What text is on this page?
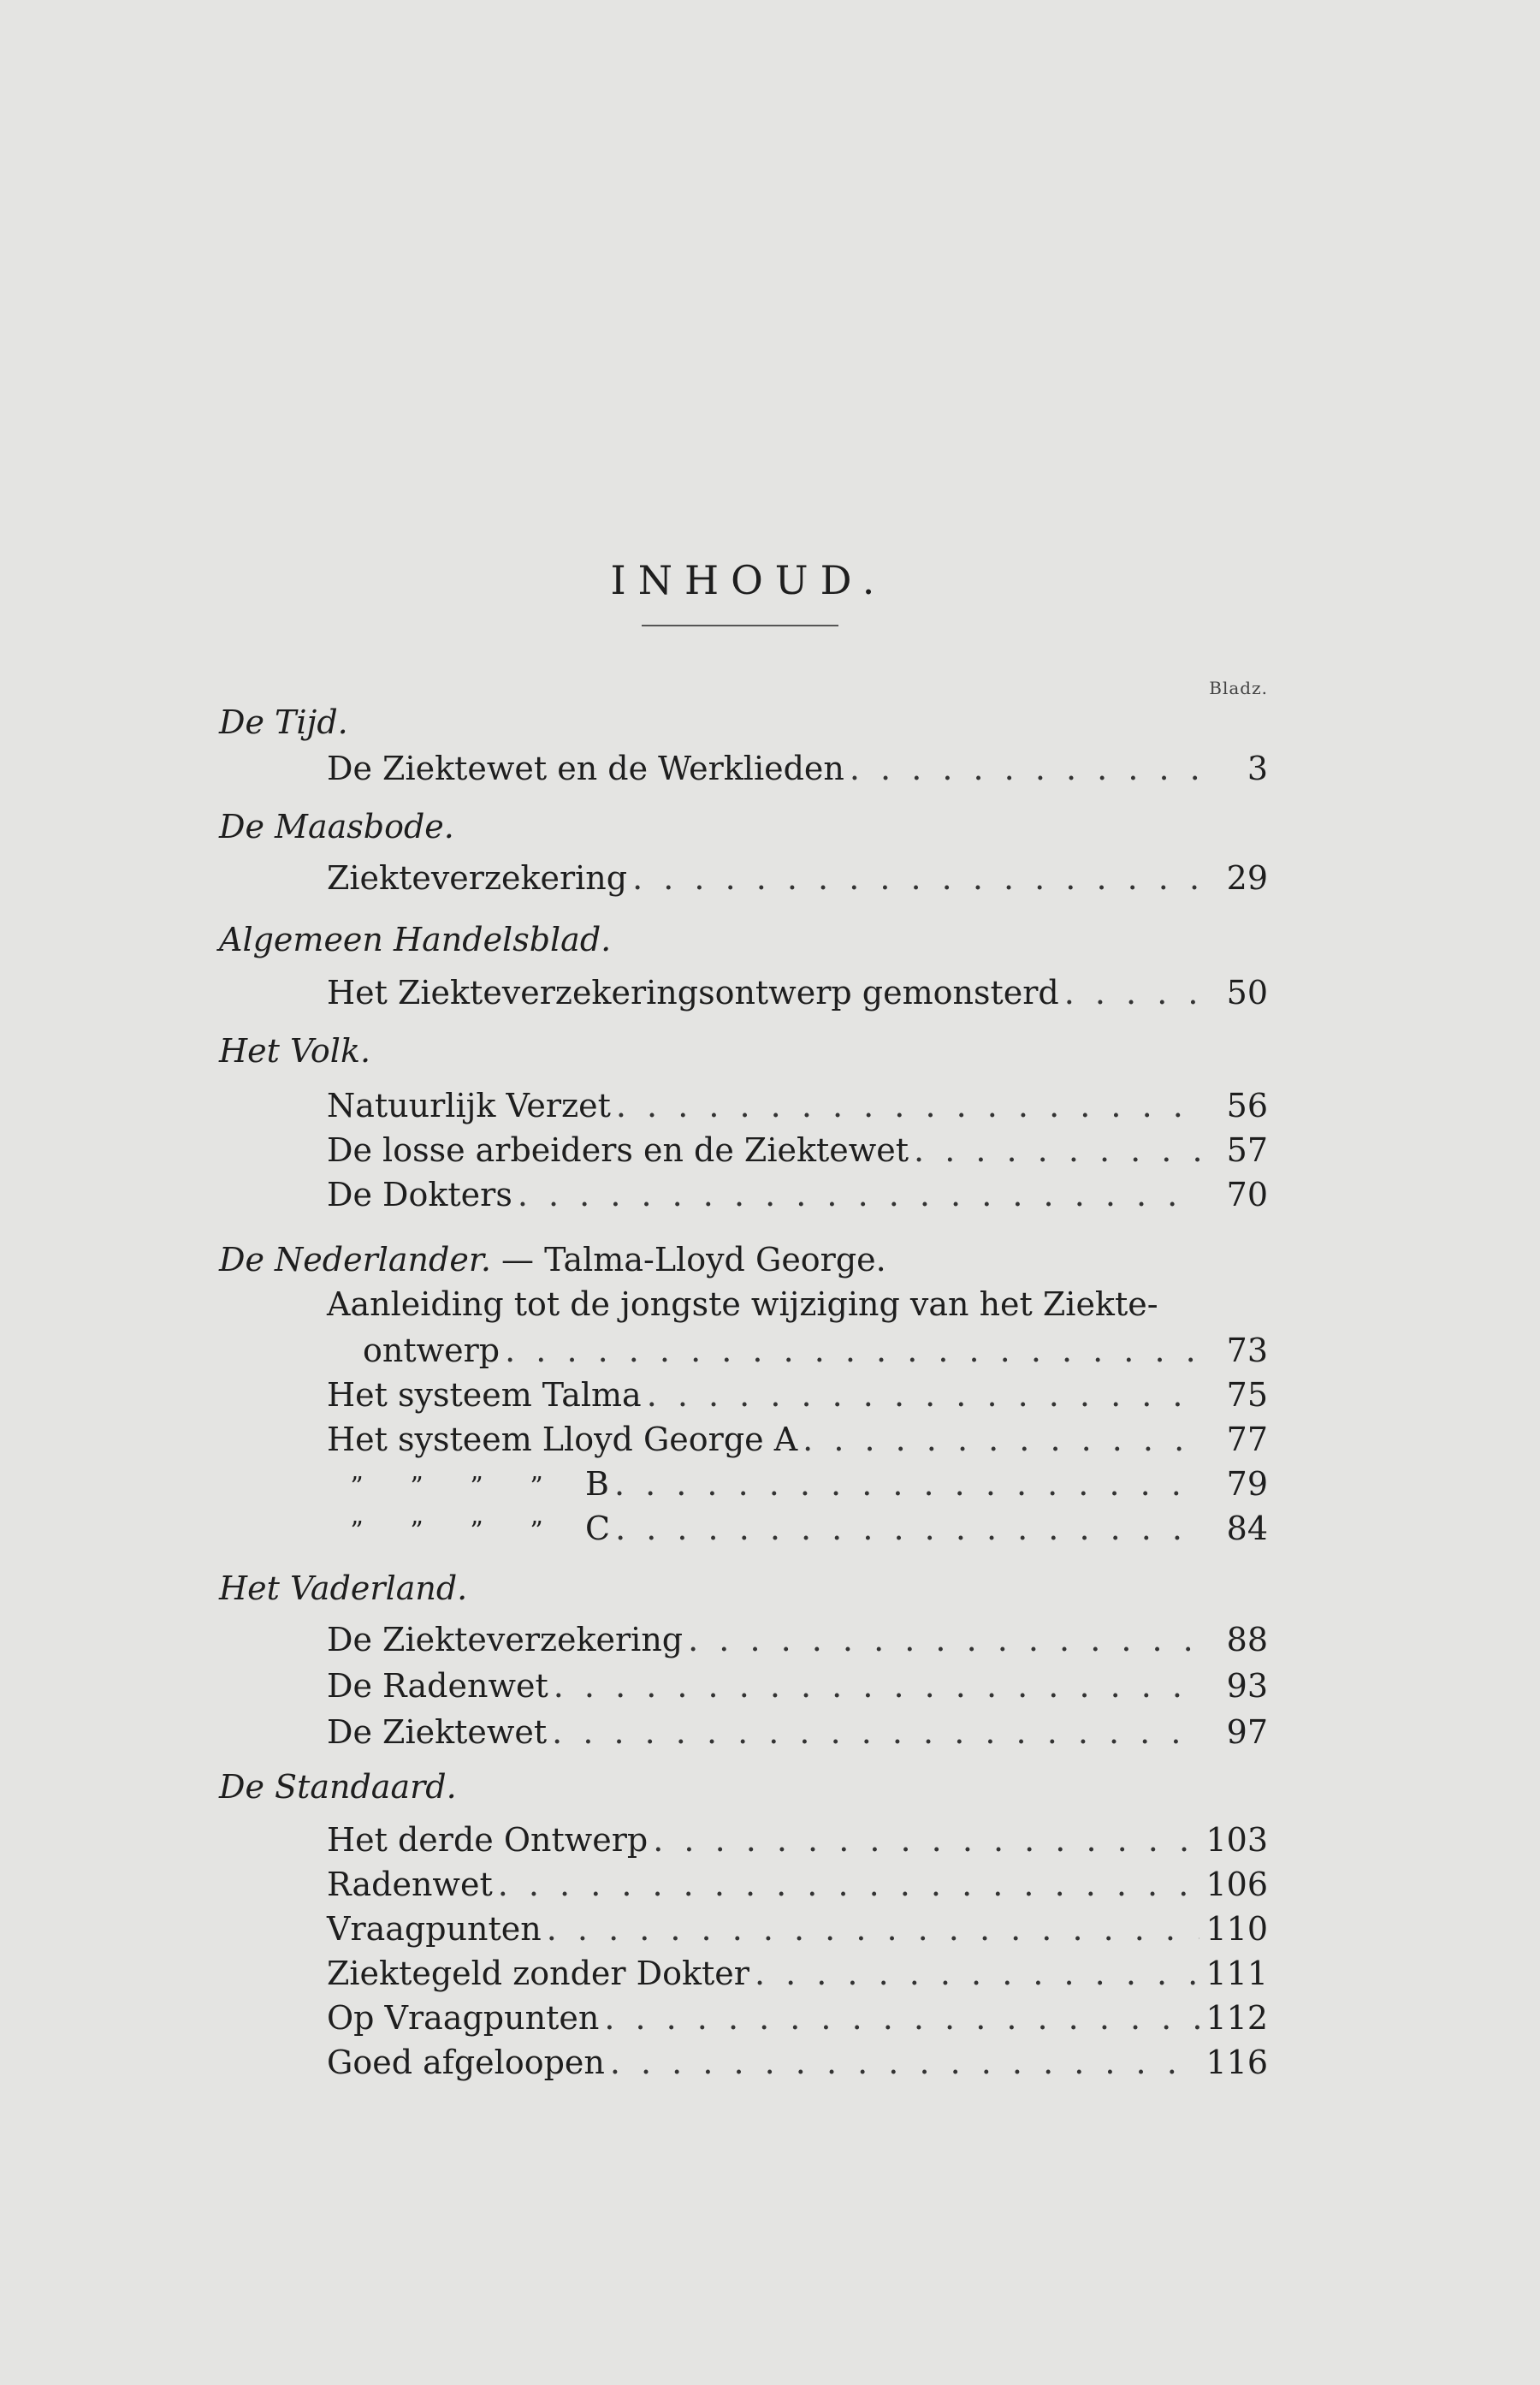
INHOUD.
Bladz.
De Tijd.
De Ziektewet en de Werklieden . . .	3
De Maasbode.
Ziekteverzekering . . .	29
Algemeen Handelsblad.
Het Ziekteverzekeringsontwerp gemonsterd . . .	50
Het Volk.
Natuurlijk Verzet . . .	56
De losse arbeiders en de Ziektewet . . .	57
De Dokters . . .	70
De Nederlander. — Talma-Lloyd George.
Aanleiding tot de jongste wijziging van het Ziekte-
ontwerp . . .	73
Het systeem Talma . . .	75
Het systeem Lloyd George A . . .	77
” ” ” ”	B . . .	79
” ” ” ”	C . . .	84
Het Vaderland.
De Ziekteverzekering . . .	88
De Radenwet . . .	93
De Ziektewet . . .	97
De Standaard.
Het derde Ontwerp . . .	103
Radenwet . . .	106
Vraagpunten . . .	110
Ziektegeld zonder Dokter . . .	111
Op Vraagpunten . . .	112
Goed afgeloopen . . .	116
